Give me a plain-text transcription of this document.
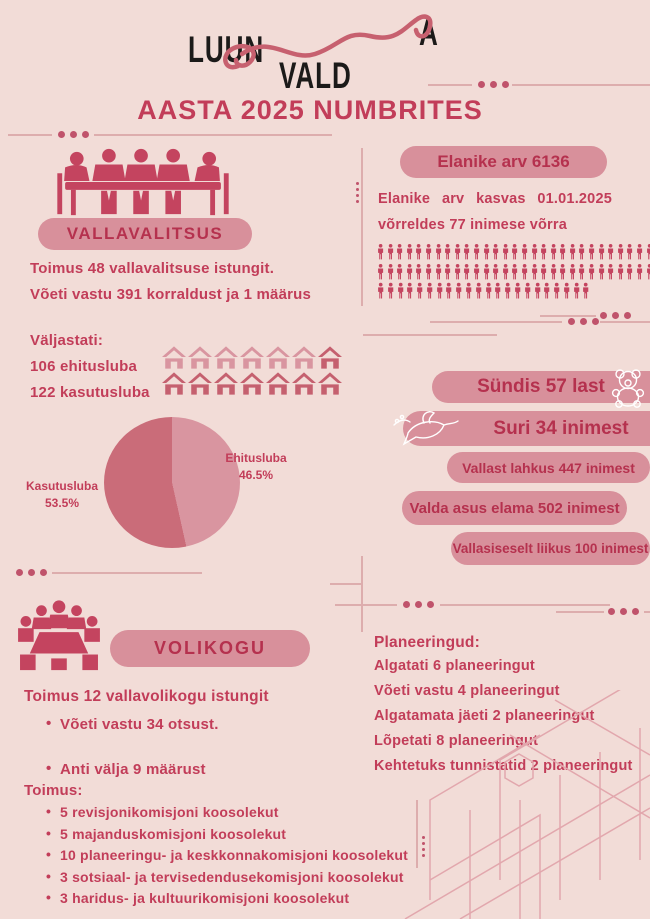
LUUN
VALD
A
AASTA 2025 NUMBRITES
VALLAVALITSUS
Toimus 48 vallavalitsuse istungit.
Võeti vastu 391 korraldust ja 1 määrus
Elanike arv 6136
Elanike arv kasvas 01.01.2025
võrreldes 77 inimese võrra
Väljastati:
106 ehitusluba
122 kasutusluba
Ehitusluba
46.5%
Kasutusluba
53.5%
Sündis 57 last
Suri 34 inimest
Vallast lahkus 447 inimest
Valda asus elama 502 inimest
Vallasiseselt liikus 100 inimest
VOLIKOGU
Toimus 12 vallavolikogu istungit
• Võeti vastu 34 otsust.
• Anti välja 9 määrust
Toimus:
• 5 revisjonikomisjoni koosolekut
• 5 majanduskomisjoni koosolekut
• 10 planeeringu- ja keskkonnakomisjoni koosolekut
• 3 sotsiaal- ja tervisedendusekomisjoni koosolekut
• 3 haridus- ja kultuurikomisjoni koosolekut
Planeeringud:
Algatati 6 planeeringut
Võeti vastu 4 planeeringut
Algatamata jäeti 2 planeeringut
Lõpetati 8 planeeringut
Kehtetuks tunnistatid 2 planeeringut
